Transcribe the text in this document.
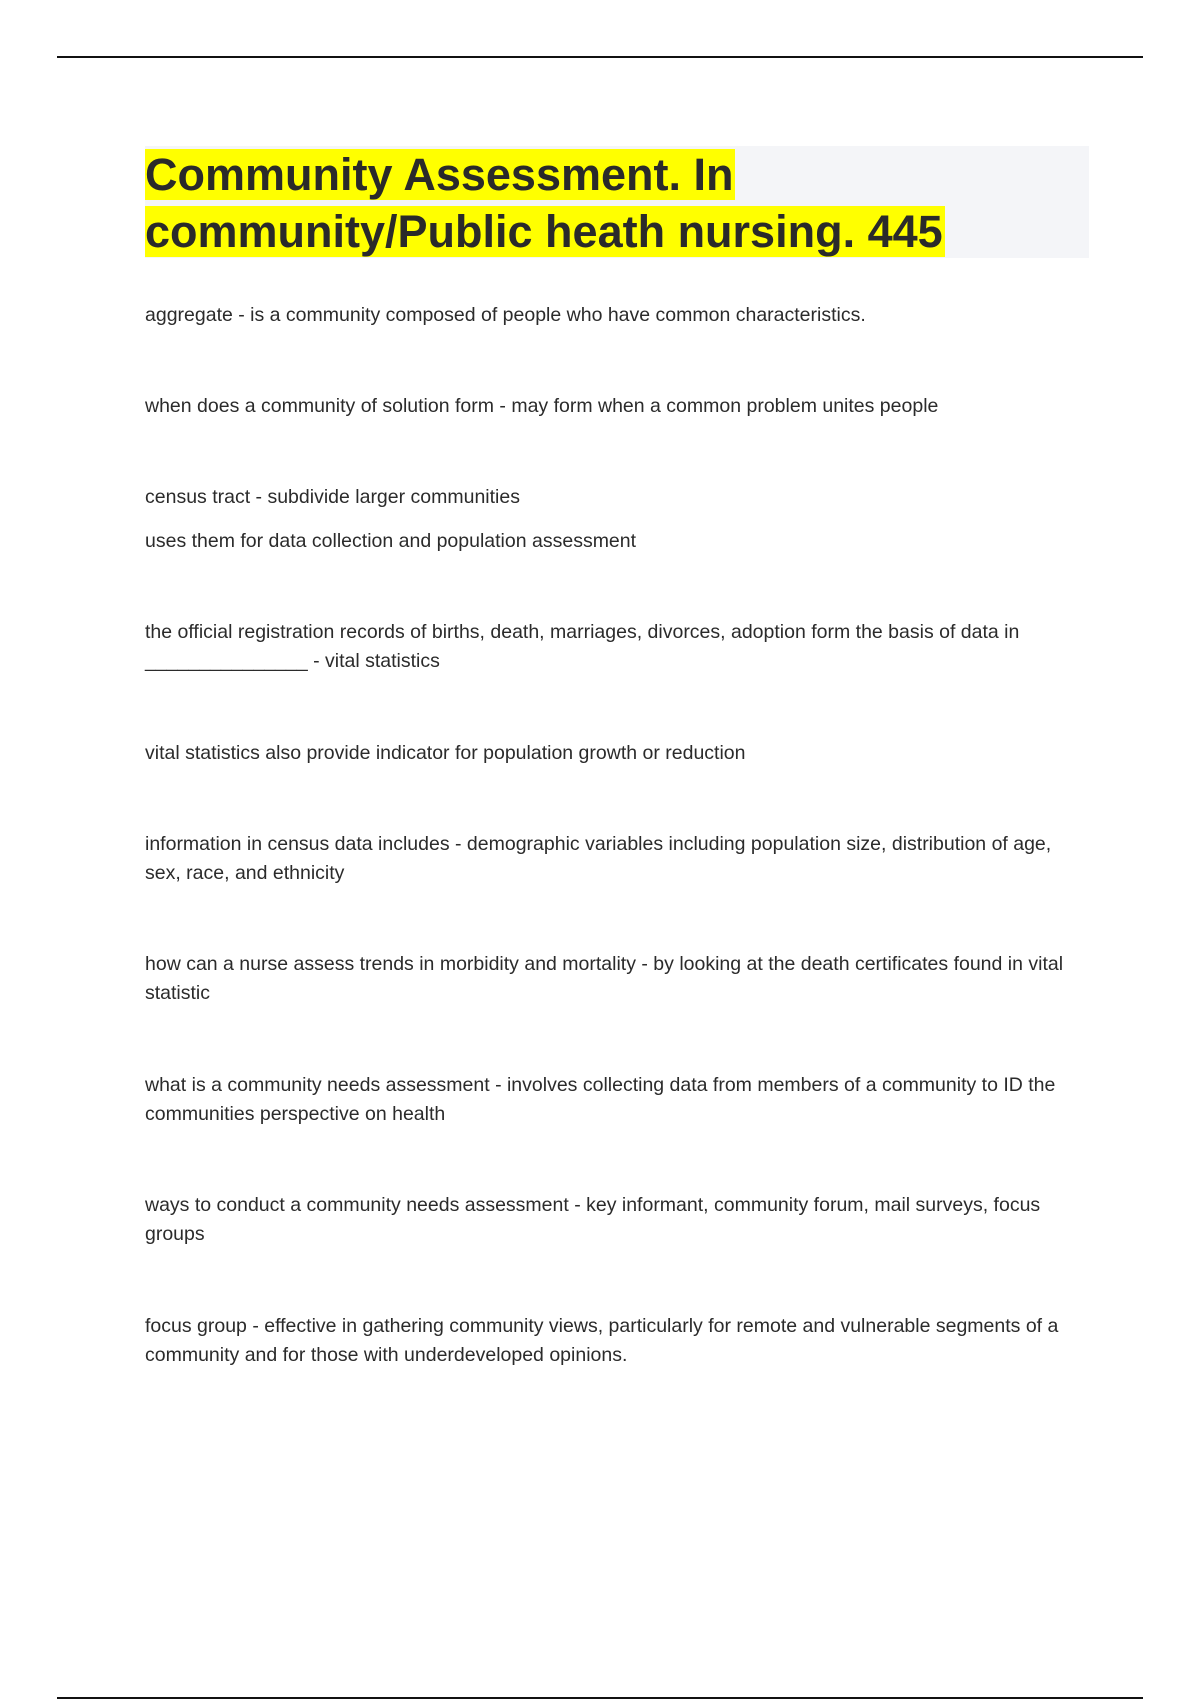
Community Assessment. In
community/Public heath nursing. 445

aggregate - is a community composed of people who have common characteristics.

when does a community of solution form - may form when a common problem unites people

census tract - subdivide larger communities

uses them for data collection and population assessment

the official registration records of births, death, marriages, divorces, adoption form the basis of data in _______________ - vital statistics

vital statistics also provide indicator for population growth or reduction

information in census data includes - demographic variables including population size, distribution of age, sex, race, and ethnicity

how can a nurse assess trends in morbidity and mortality - by looking at the death certificates found in vital statistic

what is a community needs assessment - involves collecting data from members of a community to ID the communities perspective on health

ways to conduct a community needs assessment - key informant, community forum, mail surveys, focus groups

focus group - effective in gathering community views, particularly for remote and vulnerable segments of a community and for those with underdeveloped opinions.
